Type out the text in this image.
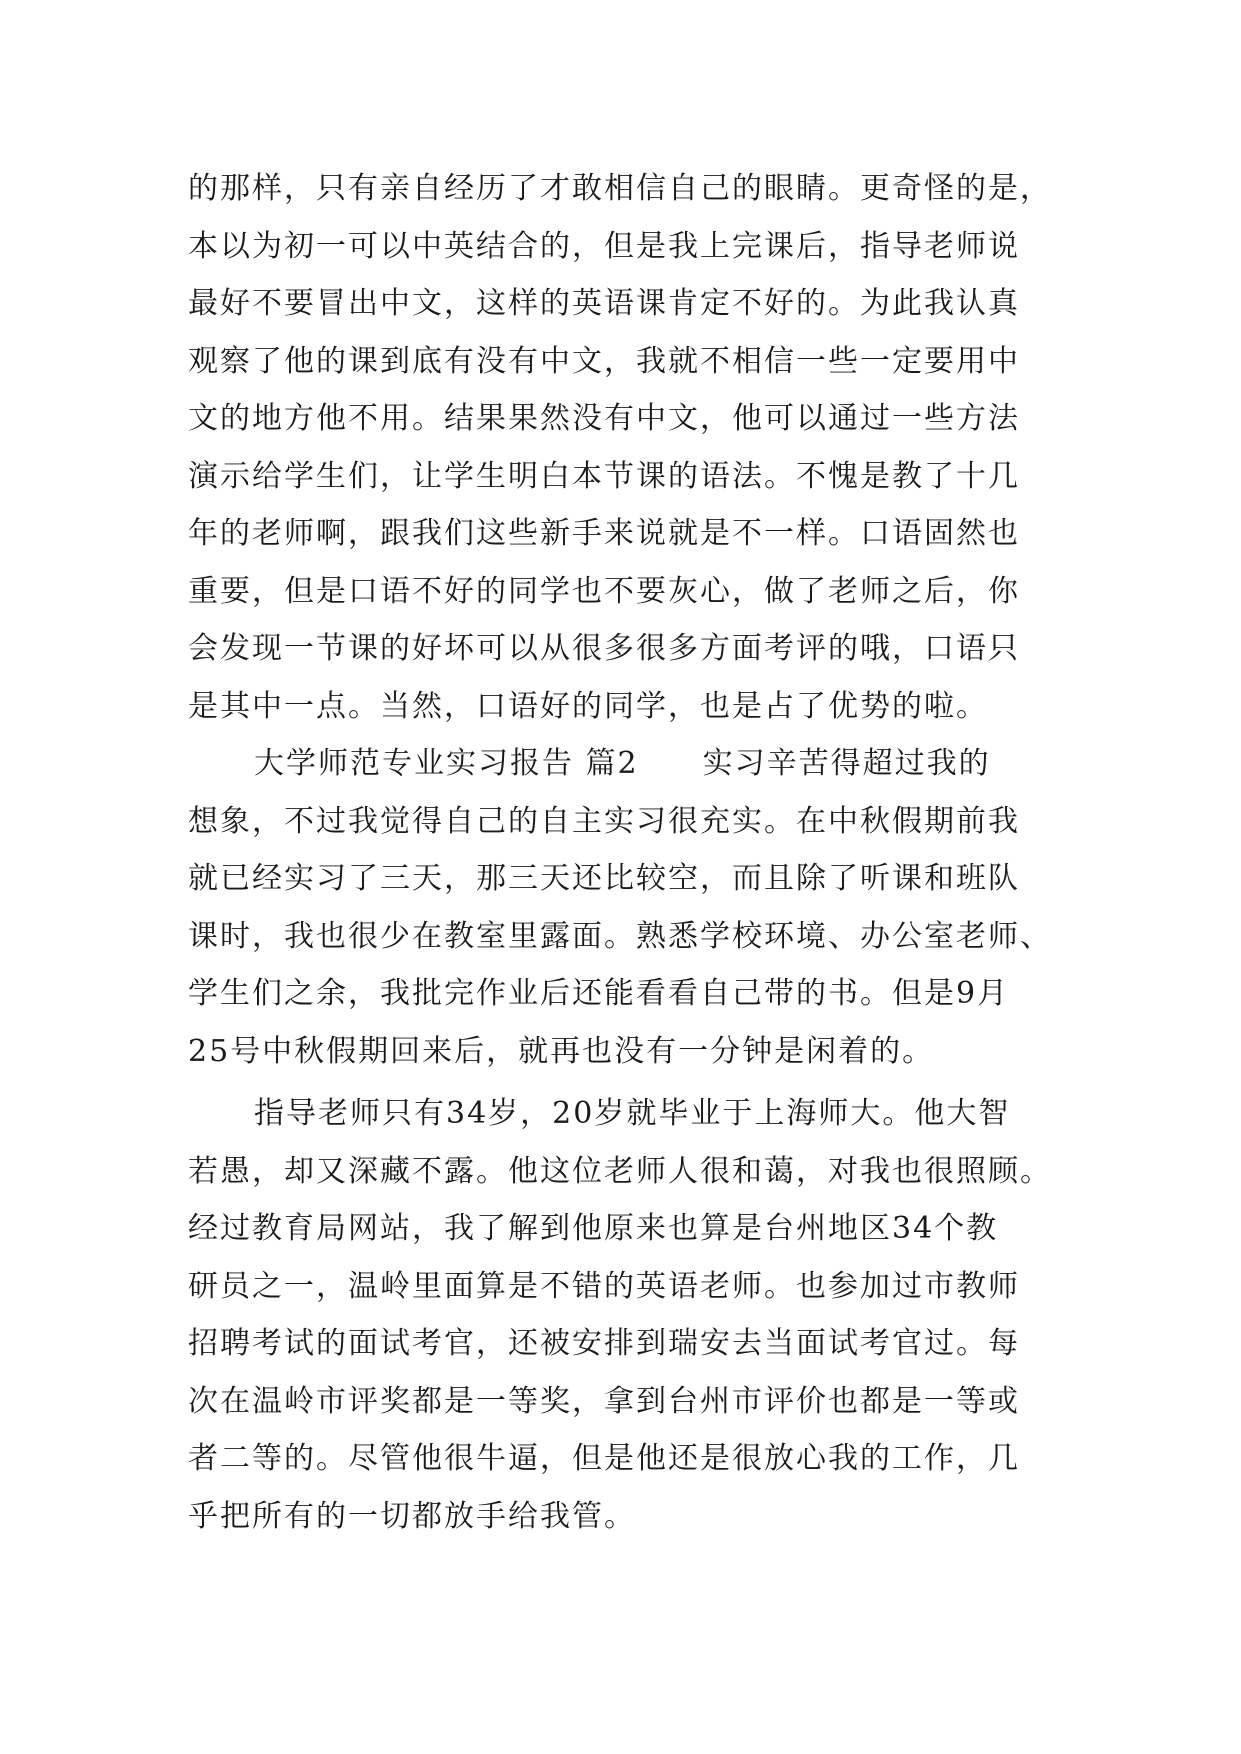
的那样，只有亲自经历了才敢相信自己的眼睛。更奇怪的是，
本以为初一可以中英结合的，但是我上完课后，指导老师说
最好不要冒出中文，这样的英语课肯定不好的。为此我认真
观察了他的课到底有没有中文，我就不相信一些一定要用中
文的地方他不用。结果果然没有中文，他可以通过一些方法
演示给学生们，让学生明白本节课的语法。不愧是教了十几
年的老师啊，跟我们这些新手来说就是不一样。口语固然也
重要，但是口语不好的同学也不要灰心，做了老师之后，你
会发现一节课的好坏可以从很多很多方面考评的哦，口语只
是其中一点。当然，口语好的同学，也是占了优势的啦。
大学师范专业实习报告 篇2　　实习辛苦得超过我的
想象，不过我觉得自己的自主实习很充实。在中秋假期前我
就已经实习了三天，那三天还比较空，而且除了听课和班队
课时，我也很少在教室里露面。熟悉学校环境、办公室老师、
学生们之余，我批完作业后还能看看自己带的书。但是9月
25号中秋假期回来后，就再也没有一分钟是闲着的。
指导老师只有34岁，20岁就毕业于上海师大。他大智
若愚，却又深藏不露。他这位老师人很和蔼，对我也很照顾。
经过教育局网站，我了解到他原来也算是台州地区34个教
研员之一，温岭里面算是不错的英语老师。也参加过市教师
招聘考试的面试考官，还被安排到瑞安去当面试考官过。每
次在温岭市评奖都是一等奖，拿到台州市评价也都是一等或
者二等的。尽管他很牛逼，但是他还是很放心我的工作，几
乎把所有的一切都放手给我管。
